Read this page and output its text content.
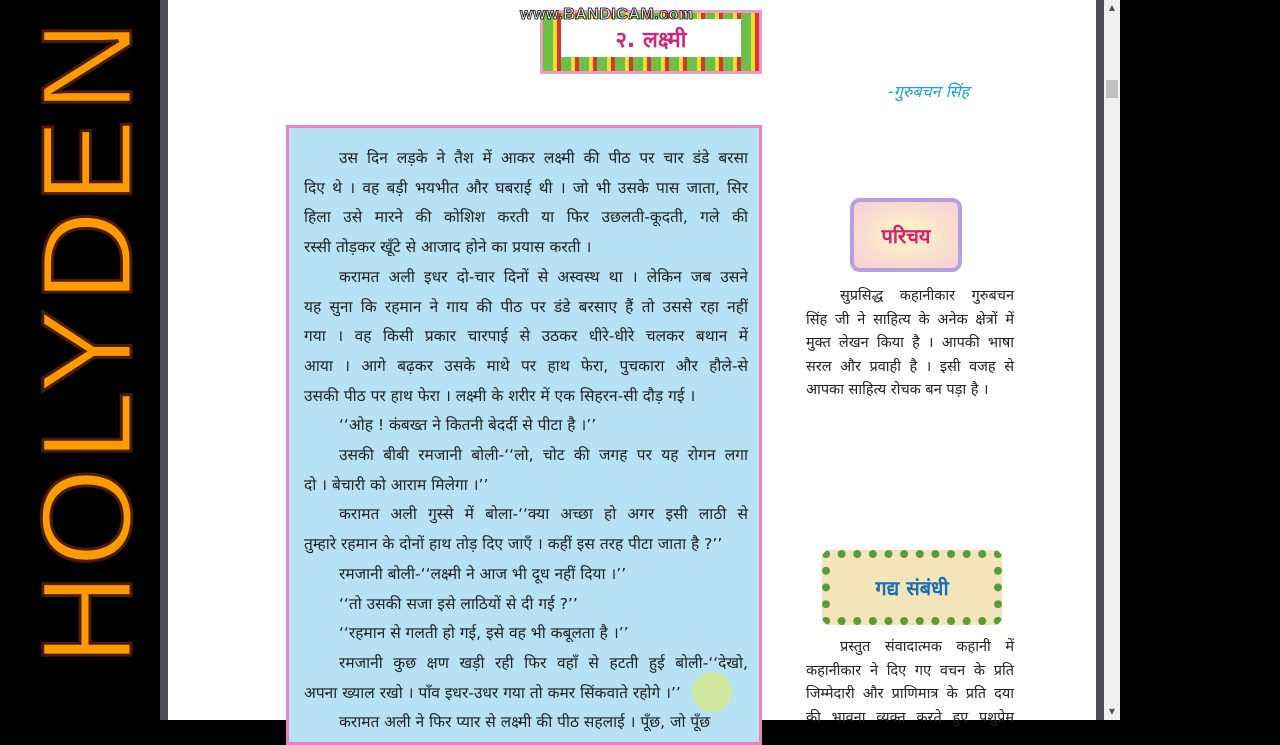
HOLYDEN	२. लक्ष्मी
www.BANDICAM.com
-गुरुबचन सिंह
उस दिन लड़के ने तैश में आकर लक्ष्मी की पीठ पर चार डंडे बरसा
दिए थे । वह बड़ी भयभीत और घबराई थी । जो भी उसके पास जाता, सिर
हिला उसे मारने की कोशिश करती या फिर उछलती-कूदती, गले की
रस्सी तोड़कर खूँटे से आजाद होने का प्रयास करती ।
करामत अली इधर दो-चार दिनों से अस्वस्थ था । लेकिन जब उसने
यह सुना कि रहमान ने गाय की पीठ पर डंडे बरसाए हैं तो उससे रहा नहीं
गया । वह किसी प्रकार चारपाई से उठकर धीरे-धीरे चलकर बथान में
आया । आगे बढ़कर उसके माथे पर हाथ फेरा, पुचकारा और हौले-से
उसकी पीठ पर हाथ फेरा । लक्ष्मी के शरीर में एक सिहरन-सी दौड़ गई ।
‘‘ओह ! कंबख्त ने कितनी बेदर्दी से पीटा है ।’’
उसकी बीबी रमजानी बोली-‘‘लो, चोट की जगह पर यह रोगन लगा
दो । बेचारी को आराम मिलेगा ।’’
करामत अली गुस्से में बोला-‘‘क्या अच्छा हो अगर इसी लाठी से
तुम्हारे रहमान के दोनों हाथ तोड़ दिए जाएँ । कहीं इस तरह पीटा जाता है ?’’
रमजानी बोली-‘‘लक्ष्मी ने आज भी दूध नहीं दिया ।’’
‘‘तो उसकी सजा इसे लाठियों से दी गई ?’’
‘‘रहमान से गलती हो गई, इसे वह भी कबूलता है ।’’
रमजानी कुछ क्षण खड़ी रही फिर वहाँ से हटती हुई बोली-‘‘देखो,
अपना ख्याल रखो । पाँव इधर-उधर गया तो कमर सिंकवाते रहोगे ।’’
करामत अली ने फिर प्यार से लक्ष्मी की पीठ सहलाई । पूँछ, जो पूँछ
परिचय
गद्य संबंधी
सुप्रसिद्ध कहानीकार गुरुबचन
सिंह जी ने साहित्य के अनेक क्षेत्रों में
मुक्त लेखन किया है । आपकी भाषा
सरल और प्रवाही है । इसी वजह से
आपका साहित्य रोचक बन पड़ा है ।
प्रस्तुत संवादात्मक कहानी में
कहानीकार ने दिए गए वचन के प्रति
जिम्मेदारी और प्राणिमात्र के प्रति दया
की भावना व्यक्त करते हुए पशुप्रेम
▲
▼
